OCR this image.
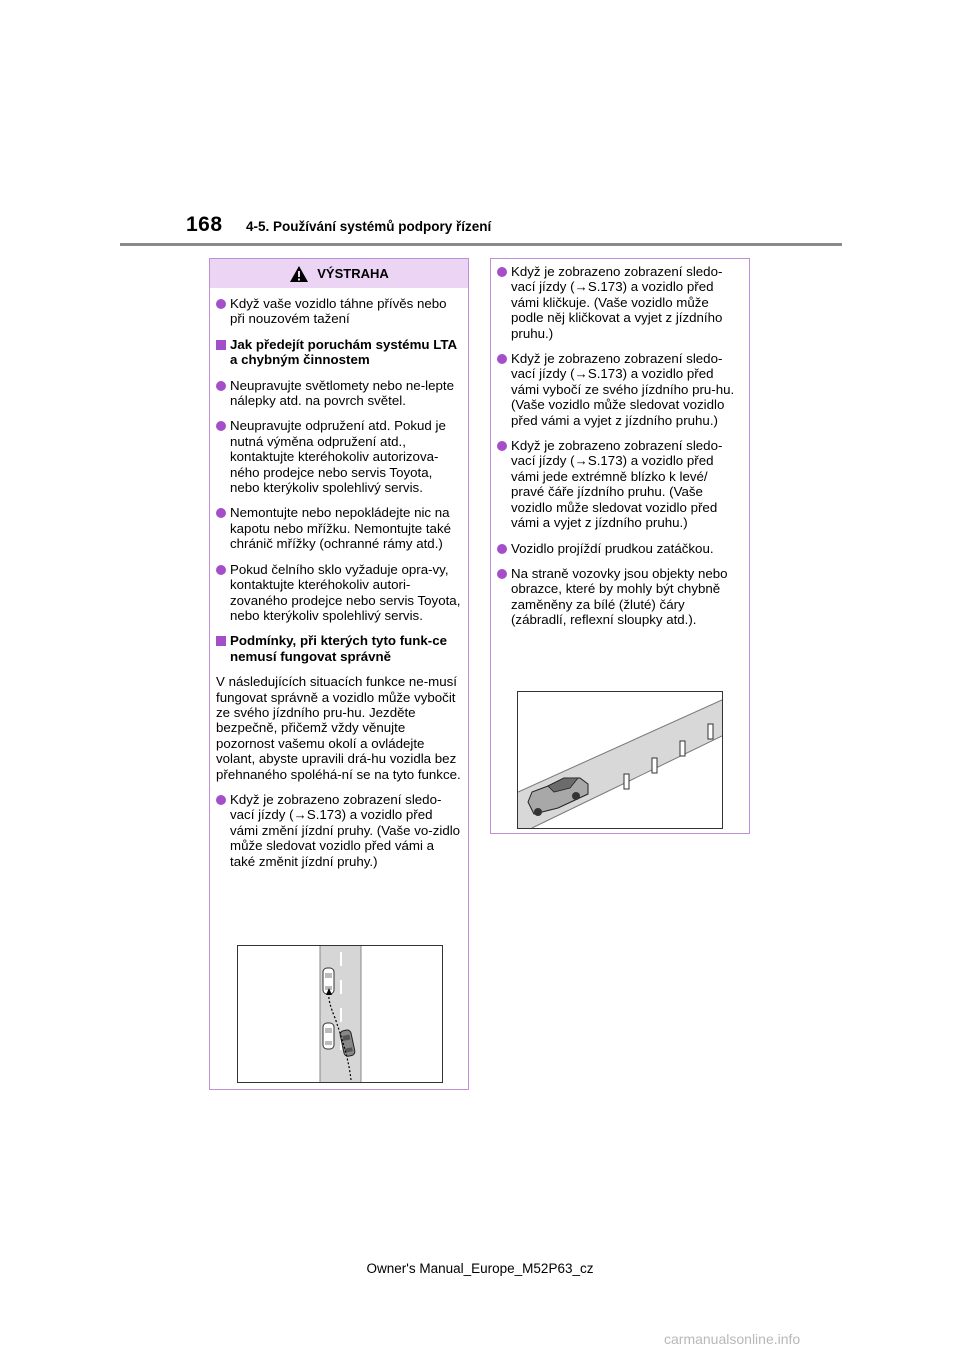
168 4-5. Používání systémů podpory řízení
VÝSTRAHA
Když vaše vozidlo táhne přívěs nebo při nouzovém tažení
Jak předejít poruchám systému LTA a chybným činnostem
Neupravujte světlomety nebo ne-lepte nálepky atd. na povrch světel.
Neupravujte odpružení atd. Pokud je nutná výměna odpružení atd., kontaktujte kteréhokoliv autorizova-ného prodejce nebo servis Toyota, nebo kterýkoliv spolehlivý servis.
Nemontujte nebo nepokládejte nic na kapotu nebo mřížku. Nemontujte také chránič mřížky (ochranné rámy atd.)
Pokud čelního sklo vyžaduje opra-vy, kontaktujte kteréhokoliv autori-zovaného prodejce nebo servis Toyota, nebo kterýkoliv spolehlivý servis.
Podmínky, při kterých tyto funk-ce nemusí fungovat správně
V následujících situacích funkce ne-musí fungovat správně a vozidlo může vybočit ze svého jízdního pru-hu. Jezděte bezpečně, přičemž vždy věnujte pozornost vašemu okolí a ovládejte volant, abyste upravili drá-hu vozidla bez přehnaného spoléhá-ní se na tyto funkce.
Když je zobrazeno zobrazení sledo-vací jízdy (→S.173) a vozidlo před vámi změní jízdní pruhy. (Vaše vo-zidlo může sledovat vozidlo před vámi a také změnit jízdní pruhy.)
Když je zobrazeno zobrazení sledo-vací jízdy (→S.173) a vozidlo před vámi kličkuje. (Vaše vozidlo může podle něj kličkovat a vyjet z jízdního pruhu.)
Když je zobrazeno zobrazení sledo-vací jízdy (→S.173) a vozidlo před vámi vybočí ze svého jízdního pru-hu. (Vaše vozidlo může sledovat vozidlo před vámi a vyjet z jízdního pruhu.)
Když je zobrazeno zobrazení sledo-vací jízdy (→S.173) a vozidlo před vámi jede extrémně blízko k levé/ pravé čáře jízdního pruhu. (Vaše vozidlo může sledovat vozidlo před vámi a vyjet z jízdního pruhu.)
Vozidlo projíždí prudkou zatáčkou.
Na straně vozovky jsou objekty nebo obrazce, které by mohly být chybně zaměněny za bílé (žluté) čáry (zábradlí, reflexní sloupky atd.).
Owner's Manual_Europe_M52P63_cz
carmanualsonline.info
